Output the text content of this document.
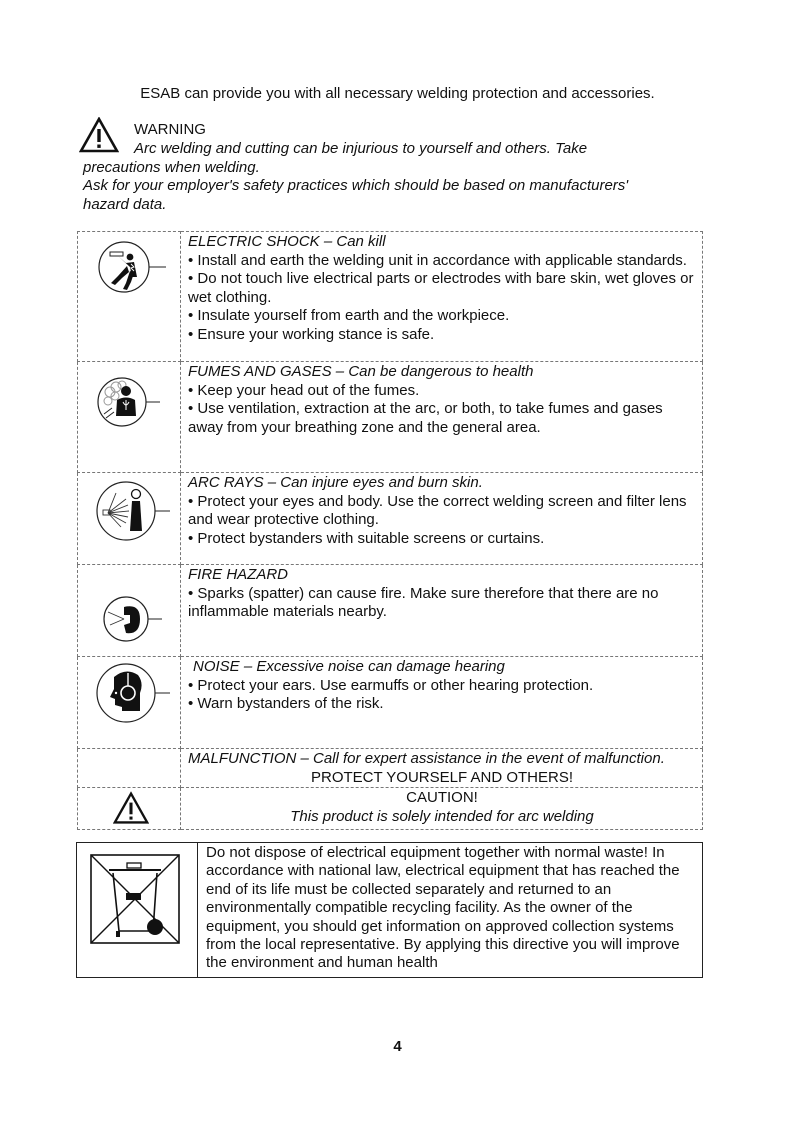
ESAB can provide you with all necessary welding protection and accessories.
WARNING
Arc welding and cutting can be injurious to yourself and others. Take
precautions when welding.
Ask for your employer's safety practices which should be based on manufacturers'
hazard data.

ELECTRIC SHOCK – Can kill
• Install and earth the welding unit in accordance with applicable standards.
• Do not touch live electrical parts or electrodes with bare skin, wet gloves or wet clothing.
• Insulate yourself from earth and the workpiece.
• Ensure your working stance is safe.

FUMES AND GASES – Can be dangerous to health
• Keep your head out of the fumes.
• Use ventilation, extraction at the arc, or both, to take fumes and gases away from your breathing zone and the general area.

ARC RAYS – Can injure eyes and burn skin.
• Protect your eyes and body. Use the correct welding screen and filter lens and wear protective clothing.
• Protect bystanders with suitable screens or curtains.

FIRE HAZARD
• Sparks (spatter) can cause fire. Make sure therefore that there are no inflammable materials nearby.

NOISE – Excessive noise can damage hearing
• Protect your ears. Use earmuffs or other hearing protection.
• Warn bystanders of the risk.

	MALFUNCTION – Call for expert assistance in the event of malfunction.
PROTECT YOURSELF AND OTHERS!

CAUTION!
This product is solely intended for arc welding
	Do not dispose of electrical equipment together with normal waste! In accordance with national law, electrical equipment that has reached the end of its life must be collected separately and returned to an environmentally compatible recycling facility. As the owner of the equipment, you should get information on approved collection systems from the local representative. By applying this directive you will improve the environment and human health
4
